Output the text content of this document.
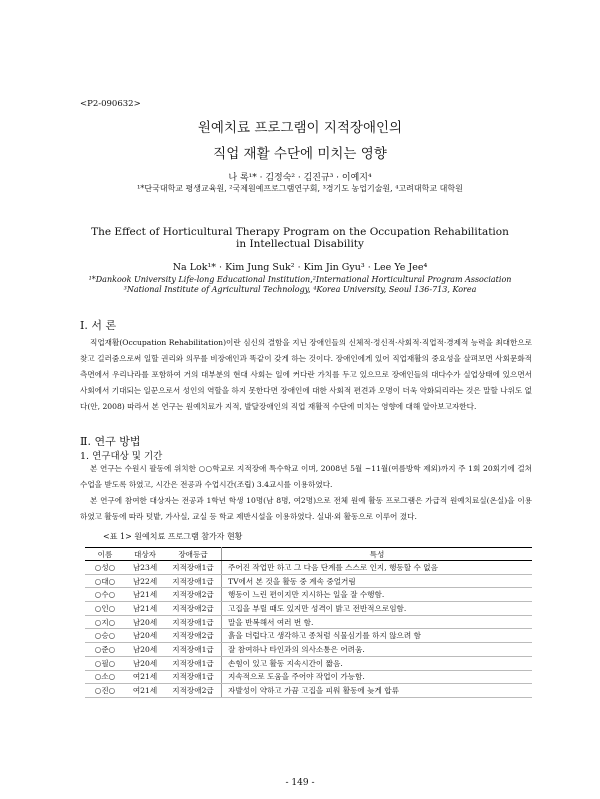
<P2-090632>
원예치료 프로그램이 지적장애인의
직업 재활 수단에 미치는 영향
나 록¹* · 김정숙² · 김진규³ · 이예지⁴
¹*단국대학교 평생교육원, ²국제원예프로그램연구회, ³경기도 농업기술원, ⁴고려대학교 대학원
The Effect of Horticultural Therapy Program on the Occupation Rehabilitation
in Intellectual Disability
Na Lok¹* · Kim Jung Suk² · Kim Jin Gyu³ · Lee Ye Jee⁴
¹*Dankook University Life-long Educational Institution,²International Horticultural Program Association
³National Institute of Agricultural Technology, ⁴Korea University, Seoul 136-713, Korea
Ⅰ. 서 론
직업재활(Occupation Rehabilitation)이란 심신의 결함을 지닌 장애인들의 신체적·정신적·사회적·직업적·경제적 능력을 최대한으로 찾고 길러줌으로써 일할 권리와 의무를 비장애인과 똑같이 갖게 하는 것이다. 장애인에게 있어 직업재활의 중요성을 살펴보면 사회문화적 측면에서 우리나라를 포함하여 거의 대부분의 현대 사회는 일에 커다란 가치를 두고 있으므로 장애인들의 대다수가 실업상태에 있으면서 사회에서 기대되는 일꾼으로서 성인의 역할을 하지 못한다면 장애인에 대한 사회적 편견과 오명이 더욱 악화되리라는 것은 말할 나위도 없다(안, 2008) 따라서 본 연구는 원예치료가 지적, 발달장애인의 직업 재활적 수단에 미치는 영향에 대해 알아보고자한다.
Ⅱ. 연구 방법
1. 연구대상 및 기간
본 연구는 수원시 팔동에 위치한 ○○학교로 지적장애 특수학교 이며, 2008년 5월 ~11월(여름방학 제외)까지 주 1회 20회기에 걸쳐 수업을 받도록 하였고, 시간은 전공과 수업시간(조립) 3.4교시를 이용하였다.
본 연구에 참여한 대상자는 전공과 1학년 학생 10명(남 8명, 여2명)으로 전체 원예 활동 프로그램은 가급적 원예치료실(온실)을 이용하였고 활동에 따라 텃밭, 가사실, 교실 등 학교 제반시설을 이용하였다. 실내·외 활동으로 이루어 졌다.
<표 1> 원예치료 프로그램 참가자 현황
이름	대상자	장애등급	특성
○성○	남23세	지적장애1급	주어진 작업만 하고 그 다음 단계를 스스로 인지, 행동할 수 없음
○대○	남22세	지적장애1급	TV에서 본 것을 활동 중 계속 중얼거림
○수○	남21세	지적장애2급	행동이 느린 편이지만 지시하는 일을 잘 수행함.
○인○	남21세	지적장애2급	고집을 부릴 때도 있지만 성격이 밝고 전반적으로임함.
○지○	남20세	지적장애1급	말을 반복해서 여러 번 함.
○승○	남20세	지적장애2급	흙을 더럽다고 생각하고 종처럼 식물심기를 하지 않으려 함
○준○	남20세	지적장애1급	잘 참여하나 타인과의 의사소통은 어려움.
○필○	남20세	지적장애1급	손힘이 있고 활동 지속시간이 짧음.
○소○	여21세	지적장애1급	지속적으로 도움을 주어야 작업이 가능함.
○진○	여21세	지적장애2급	자발성이 약하고 가끔 고집을 피워 활동에 늦게 합류
- 149 -
